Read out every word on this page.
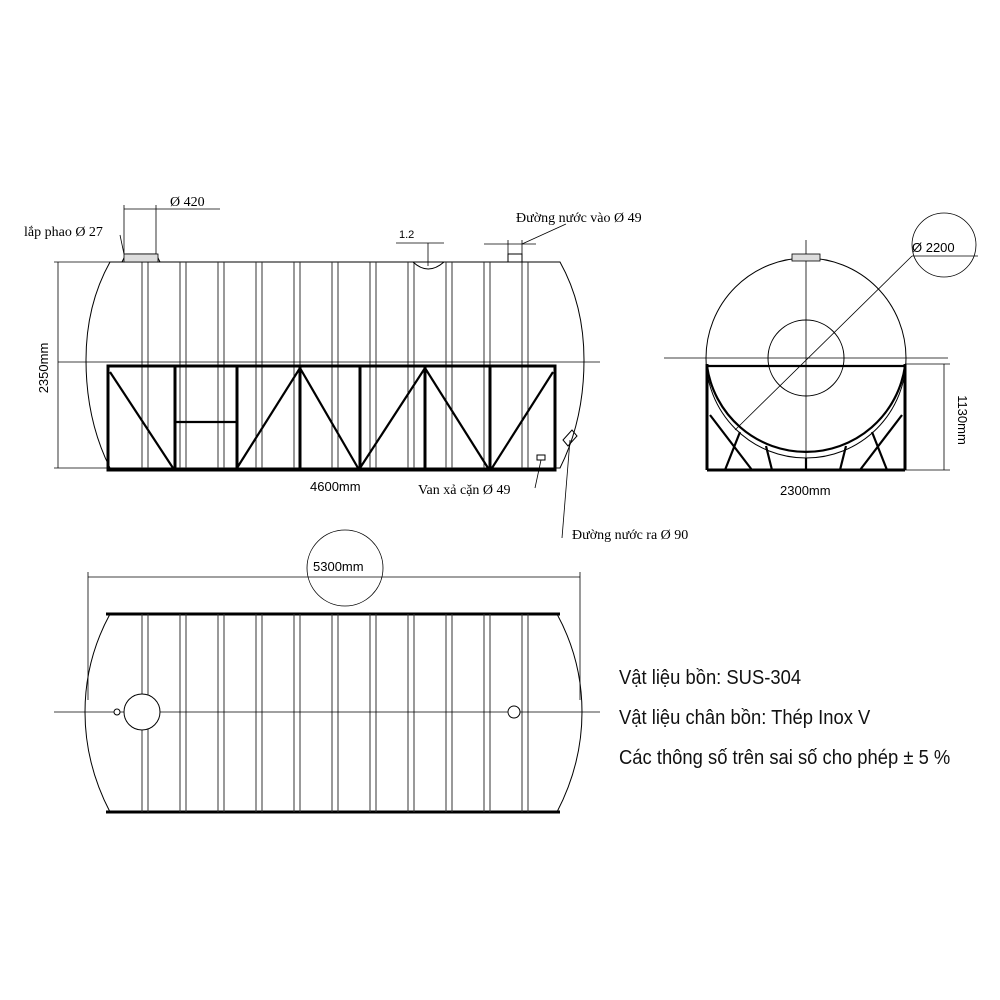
2350mm
Ø 420
lắp phao Ø 27	1.2
Đường nước vào Ø 49
4600mm	Van xả cặn Ø 49
Đường nước ra Ø 90
Ø 2200
1130mm
2300mm
5300mm
Vật liệu bồn: SUS-304
Vật liệu chân bồn: Thép Inox V
Các thông số trên sai số cho phép ± 5 %
